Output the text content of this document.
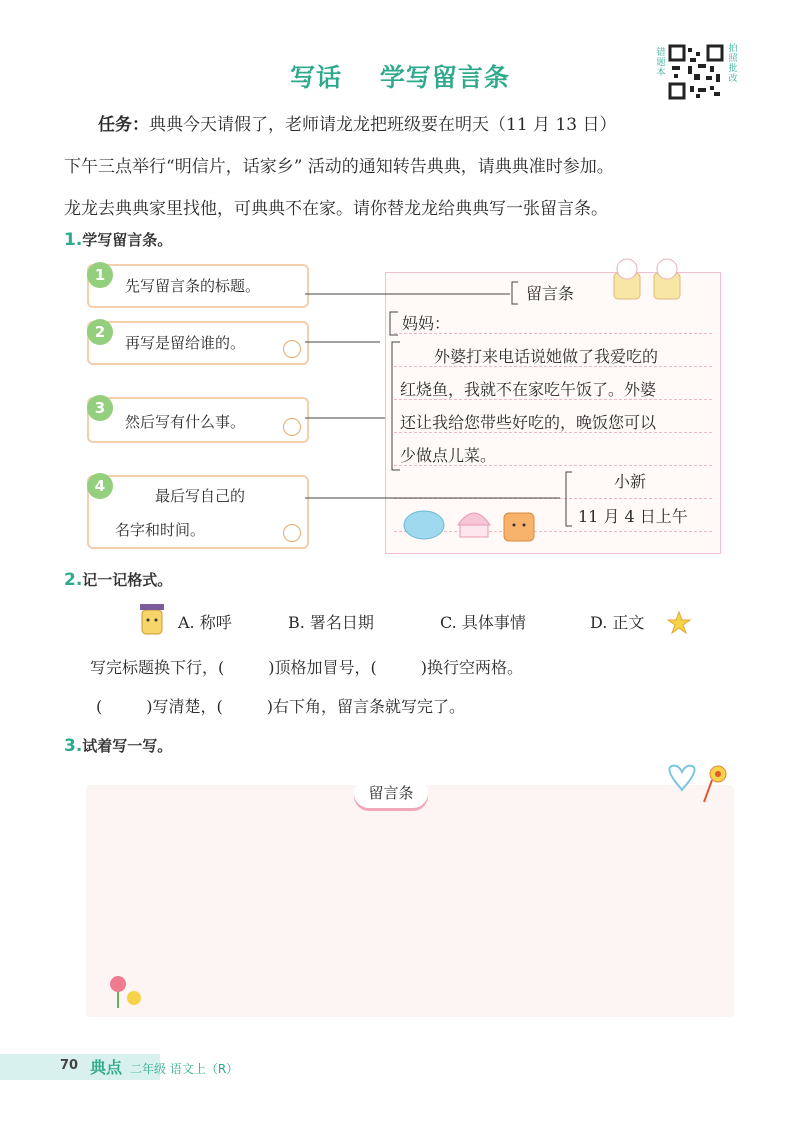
写话 学写留言条
错题本
拍照批改
任务：典典今天请假了，老师请龙龙把班级要在明天（11 月 13 日）
下午三点举行“明信片，话家乡” 活动的通知转告典典，请典典准时参加。
龙龙去典典家里找他，可典典不在家。请你替龙龙给典典写一张留言条。
1.学写留言条。
1
先写留言条的标题。
2
再写是留给谁的。
3
然后写有什么事。
4
最后写自己的
名字和时间。
留言条
妈妈：
外婆打来电话说她做了我爱吃的
红烧鱼，我就不在家吃午饭了。外婆
还让我给您带些好吃的，晚饭您可以
少做点儿菜。
小新
11 月 4 日上午
2.记一记格式。
A. 称呼	B. 署名日期	C. 具体事情	D. 正文
写完标题换下行，(	)顶格加冒号，(	)换行空两格。
(	)写清楚，(	)右下角，留言条就写完了。
3.试着写一写。
留言条
70 典点 二年级 语文上（R）
